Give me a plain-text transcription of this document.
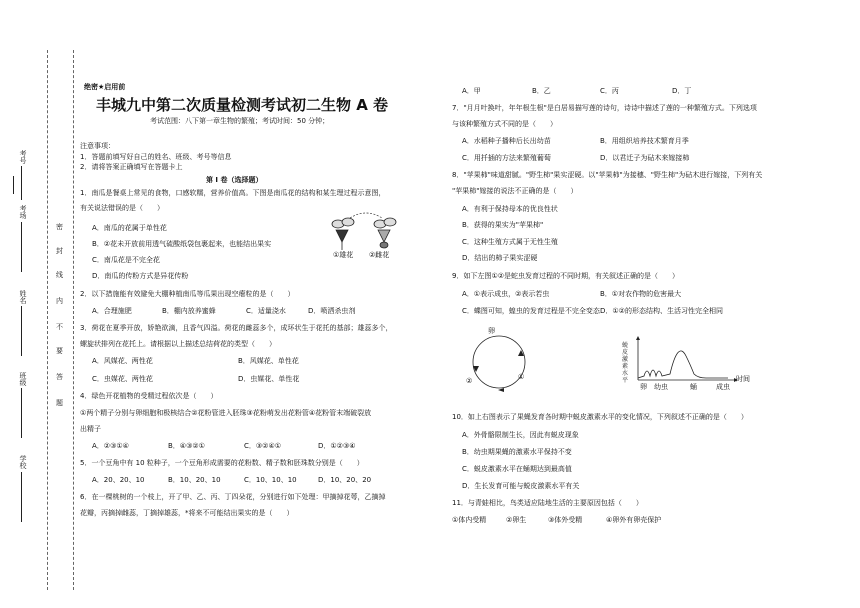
考号
考场
姓名
班级
学校
密
封
线
内
不
要
答
题
绝密★启用前
丰城九中第二次质量检测考试初二生物 A 卷
考试范围：八下第一章生物的繁殖；考试时间：50 分钟；
注意事项：
1．答题前填写好自己的姓名、班级、考号等信息
2．请将答案正确填写在答题卡上
第 I 卷（选择题）
1．南瓜是餐桌上常见的食物，口感软糯，营养价值高。下图是南瓜花的结构和某生理过程示意图，
有关说法错误的是（　　）
A．南瓜的花属于单性花
B．②花未开放前用透气硫酸纸袋包裹起来，也能结出果实
C．南瓜花是不完全花
D．南瓜的传粉方式是异花传粉
①雄花 ②雌花
2．以下措施能有效避免大棚种植南瓜等瓜果出现空瘪粒的是（　　）
A．合理施肥	B．棚内放养蜜蜂	C．适量浇水	D．喷洒杀虫剂
3．荷花在夏季开放，娇艳欲滴，且香气四溢。荷花的雌蕊多个，成环状生于花托的基部；雄蕊多个，
螺旋状排列在花托上。请根据以上描述总结荷花的类型（　　）
A．风媒花、两性花	B．风媒花、单性花
C．虫媒花、两性花	D．虫媒花、单性花
4．绿色开花植物的受精过程依次是（　　）
①两个精子分别与卵细胞和极核结合②花粉管进入胚珠③花粉萌发出花粉管④花粉管末端破裂放
出精子
A．②③①④	B．④③②①	C．③②④①	D．①②③④
5．一个豆角中有 10 粒种子，一个豆角形成需要的花粉数、精子数和胚珠数分别是（　　）
A．20、20、10	B．10、20、10	C．10、10、10	D．10、20、20
6．在一棵桃树的一个枝上，开了甲、乙、丙、丁四朵花，分别进行如下处理：甲摘掉花萼，乙摘掉
花瓣，丙摘掉雌蕊，丁摘掉雄蕊，*将来不可能结出果实的是（　　）
A．甲	B．乙	C．丙	D．丁
7．"月月叶换叶，年年根生根"是白居易描写莲的诗句，诗诗中描述了莲的一种繁殖方式。下列选项
与该种繁殖方式不同的是（　　）
A．水稻种子播种后长出幼苗	B．用组织培养技术繁育月季
C．用扦插的方法来繁殖葡萄	D．以君迁子为砧木来嫁接柿
8．"苹果柿"味道甜腻。"野生柿"果实涩硬。以"苹果柿"为接穗、"野生柿"为砧木进行嫁接，下列有关
"苹果柿"嫁接的说法不正确的是（　　）
A．有利于保持母本的优良性状
B．获得的果实为"苹果柿"
C．这种生殖方式属于无性生殖
D．结出的柿子果实涩硬
9．如下左图①②是蛇虫发育过程的不同时期，有关叙述正确的是（　　）
A．①表示成虫，②表示若虫	B．①对农作物的危害最大
C．蝶图可知，蝗虫的发育过程是不完全变态 D．①②的形态结构、生活习性完全相同
卵
①
②
蜕
皮
激
素
水
平
卵 幼虫	蛹	成虫
时间
10．如上右图表示了果蝇发育各时期中蜕皮激素水平的变化情况，下列叙述不正确的是（　　）
A．外骨骼限制生长，因此有蜕皮现象
B．幼虫期果蝇的激素水平保持不变
C．蜕皮激素水平在蛹期达到最高值
D．生长发育可能与蜕皮激素水平有关
11．与青蛙相比，鸟类适应陆地生活的主要原因包括（　　）
①体内受精	②卵生	③体外受精	④卵外有卵壳保护
